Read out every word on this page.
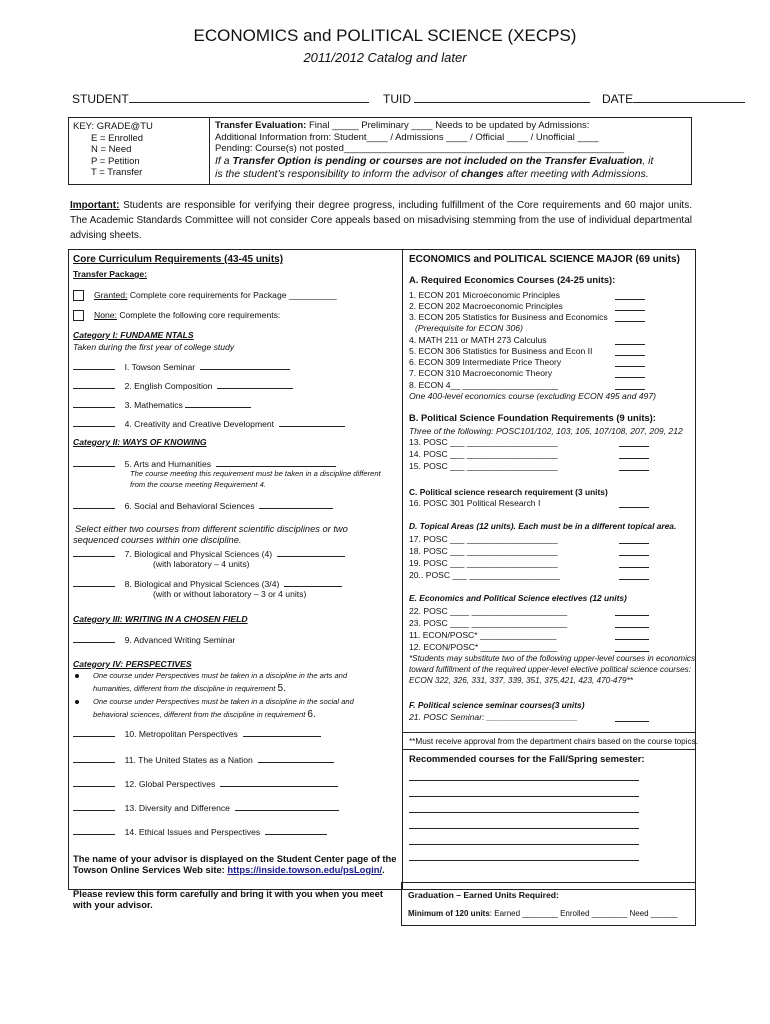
ECONOMICS and POLITICAL SCIENCE (XECPS)
2011/2012 Catalog and later
STUDENT	TUID	DATE
KEY: GRADE@TU
E = Enrolled
N = Need
P = Petition
T = Transfer
Transfer Evaluation: Final _____ Preliminary ____ Needs to be updated by Admissions:
Additional Information from: Student____ / Admissions ____ / Official ____ / Unofficial ____
Pending: Course(s) not posted_____________________________________________________
If a Transfer Option is pending or courses are not included on the Transfer Evaluation, it
is the student’s responsibility to inform the advisor of changes after meeting with Admissions.
Important: Students are responsible for verifying their degree progress, including fulfillment of the Core requirements and 60 major units. The Academic Standards Committee will not consider Core appeals based on misadvising stemming from the use of individual departmental advising sheets.
Core Curriculum Requirements (43-45 units)
Transfer Package:
Granted: Complete core requirements for Package __________
None: Complete the following core requirements:
Category I: FUNDAME NTALS
Taken during the first year of college study
I. Towson Seminar
2. English Composition
3. Mathematics
4. Creativity and Creative Development
Category II: WAYS OF KNOWING
5. Arts and Humanities
The course meeting this requirement must be taken in a discipline different
from the course meeting Requirement 4.
6. Social and Behavioral Sciences
Select either two courses from different scientific disciplines or two
sequenced courses within one discipline.
7. Biological and Physical Sciences (4)
(with laboratory – 4 units)
8. Biological and Physical Sciences (3/4)
(with or without laboratory – 3 or 4 units)
Category III: WRITING IN A CHOSEN FIELD
9. Advanced Writing Seminar
Category IV: PERSPECTIVES
One course under Perspectives must be taken in a discipline in the arts and
humanities, different from the discipline in requirement 5.
One course under Perspectives must be taken in a discipline in the social and
behavioral sciences, different from the discipline in requirement 6.
10. Metropolitan Perspectives
11. The United States as a Nation
12. Global Perspectives
13. Diversity and Difference
14. Ethical Issues and Perspectives
The name of your advisor is displayed on the Student Center page of the
Towson Online Services Web site: https://inside.towson.edu/psLogin/.
Please review this form carefully and bring it with you when you meet
with your advisor.
ECONOMICS and POLITICAL SCIENCE MAJOR (69 units)
A. Required Economics Courses (24-25 units):
1. ECON 201 Microeconomic Principles
2. ECON 202 Macroeconomic Principles
3. ECON 205 Statistics for Business and Economics
(Prerequisite for ECON 306)
4. MATH 211 or MATH 273 Calculus
5. ECON 306 Statistics for Business and Econ II
6. ECON 309 Intermediate Price Theory
7. ECON 310 Macroeconomic Theory
8. ECON 4__ ____________________
One 400-level economics course (excluding ECON 495 and 497)
B. Political Science Foundation Requirements (9 units):
Three of the following: POSC101/102, 103, 105, 107/108, 207, 209, 212
13. POSC ___ ___________________
14. POSC ___ ___________________
15. POSC ___ ___________________
C. Political science research requirement (3 units)
16. POSC 301 Political Research I
D. Topical Areas (12 units). Each must be in a different topical area.
17. POSC ___ ___________________
18. POSC ___ ___________________
19. POSC ___ ___________________
20.. POSC ___ ___________________
E. Economics and Political Science electives (12 units)
22. POSC ____ ____________________
23. POSC ____ ____________________
11. ECON/POSC* ________________
12. ECON/POSC* ________________
*Students may substitute two of the following upper-level courses in economics
toward fulfillment of the required upper-level elective political science courses:
ECON 322, 326, 331, 337, 339, 351, 375,421, 423, 470-479**
F. Political science seminar courses(3 units)
21. POSC Seminar: ___________________
**Must receive approval from the department chairs based on the course topics.
Recommended courses for the Fall/Spring semester:
Graduation – Earned Units Required:
Minimum of 120 units: Earned ________ Enrolled ________ Need ______
